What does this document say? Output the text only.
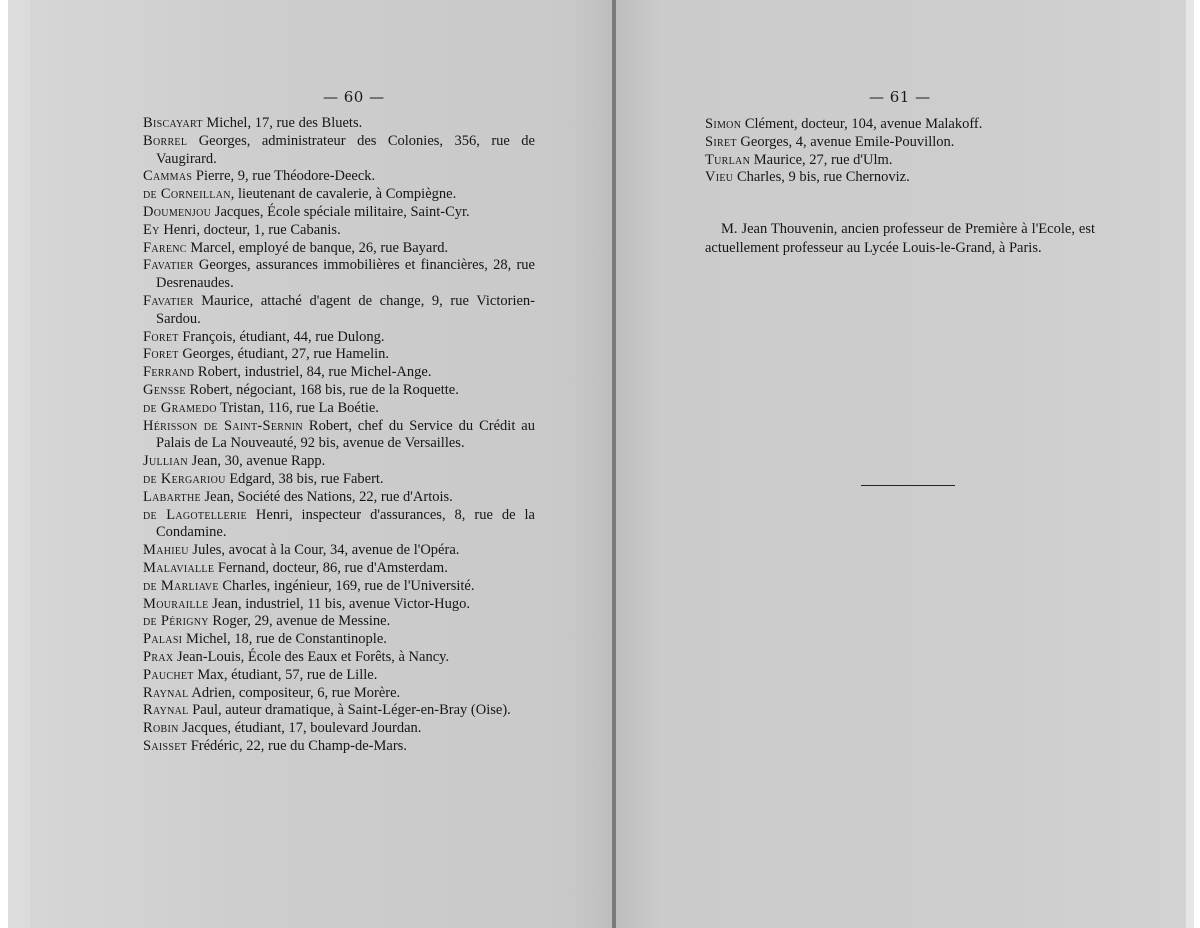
— 60 —

Biscayart Michel, 17, rue des Bluets.

Borrel Georges, administrateur des Colonies, 356, rue de Vaugirard.

Cammas Pierre, 9, rue Théodore-Deeck.

de Corneillan, lieutenant de cavalerie, à Compiègne.

Doumenjou Jacques, École spéciale militaire, Saint-Cyr.

Ey Henri, docteur, 1, rue Cabanis.

Farenc Marcel, employé de banque, 26, rue Bayard.

Favatier Georges, assurances immobilières et financières, 28, rue Desrenaudes.

Favatier Maurice, attaché d'agent de change, 9, rue Victorien-Sardou.

Foret François, étudiant, 44, rue Dulong.

Foret Georges, étudiant, 27, rue Hamelin.

Ferrand Robert, industriel, 84, rue Michel-Ange.

Gensse Robert, négociant, 168 bis, rue de la Roquette.

de Gramedo Tristan, 116, rue La Boétie.

Hérisson de Saint-Sernin Robert, chef du Service du Crédit au Palais de La Nouveauté, 92 bis, avenue de Versailles.

Jullian Jean, 30, avenue Rapp.

de Kergariou Edgard, 38 bis, rue Fabert.

Labarthe Jean, Société des Nations, 22, rue d'Artois.

de Lagotellerie Henri, inspecteur d'assurances, 8, rue de la Condamine.

Mahieu Jules, avocat à la Cour, 34, avenue de l'Opéra.

Malavialle Fernand, docteur, 86, rue d'Amsterdam.

de Marliave Charles, ingénieur, 169, rue de l'Université.

Mouraille Jean, industriel, 11 bis, avenue Victor-Hugo.

de Périgny Roger, 29, avenue de Messine.

Palasi Michel, 18, rue de Constantinople.

Prax Jean-Louis, École des Eaux et Forêts, à Nancy.

Pauchet Max, étudiant, 57, rue de Lille.

Raynal Adrien, compositeur, 6, rue Morère.

Raynal Paul, auteur dramatique, à Saint-Léger-en-Bray (Oise).

Robin Jacques, étudiant, 17, boulevard Jourdan.

Saisset Frédéric, 22, rue du Champ-de-Mars.

— 61 —

Simon Clément, docteur, 104, avenue Malakoff.

Siret Georges, 4, avenue Emile-Pouvillon.

Turlan Maurice, 27, rue d'Ulm.

Vieu Charles, 9 bis, rue Chernoviz.

M. Jean Thouvenin, ancien professeur de Première à l'Ecole, est actuellement professeur au Lycée Louis-le-Grand, à Paris.
